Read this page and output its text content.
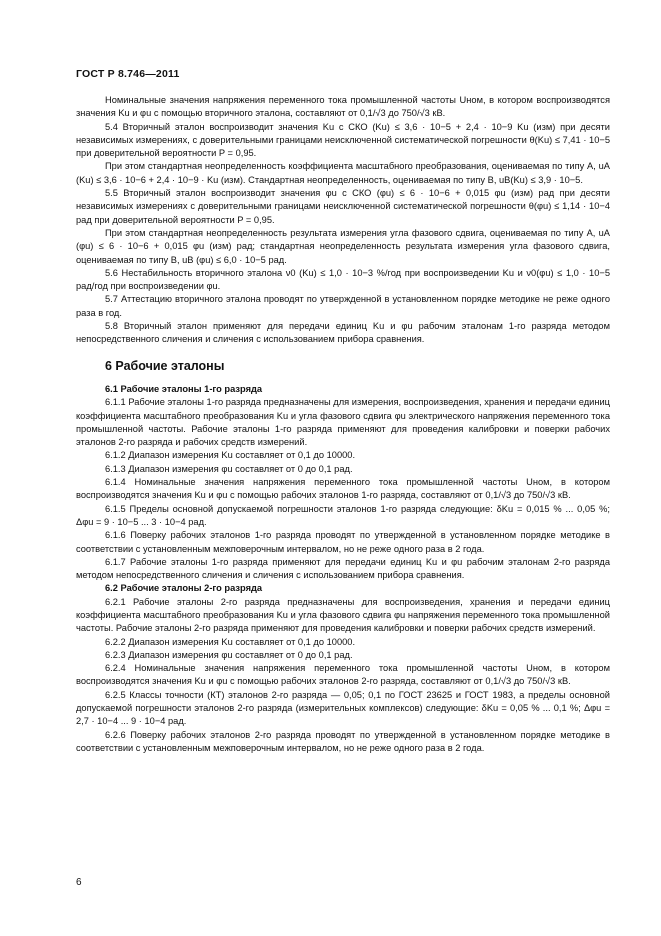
ГОСТ Р 8.746—2011

Номинальные значения напряжения переменного тока промышленной частоты Uном, в котором воспроизводятся значения Ku и φu с помощью вторичного эталона, составляют от 0,1/√3 до 750/√3 кВ.

5.4 Вторичный эталон воспроизводит значения Ku с СКО (Ku) ≤ 3,6 · 10−5 + 2,4 · 10−9 Ku (изм) при десяти независимых измерениях, с доверительными границами неисключенной систематической погрешности θ(Ku) ≤ 7,41 · 10−5 при доверительной вероятности P = 0,95.

При этом стандартная неопределенность коэффициента масштабного преобразования, оцениваемая по типу А, uA (Ku) ≤ 3,6 · 10−6 + 2,4 · 10−9 · Ku (изм). Стандартная неопределенность, оцениваемая по типу В, uB(Ku) ≤ 3,9 · 10−5.

5.5 Вторичный эталон воспроизводит значения φu с СКО (φu) ≤ 6 · 10−6 + 0,015 φu (изм) рад при десяти независимых измерениях с доверительными границами неисключенной систематической погрешности θ(φu) ≤ 1,14 · 10−4 рад при доверительной вероятности P = 0,95.

При этом стандартная неопределенность результата измерения угла фазового сдвига, оцениваемая по типу А, uA (φu) ≤ 6 · 10−6 + 0,015 φu (изм) рад; стандартная неопределенность результата измерения угла фазового сдвига, оцениваемая по типу В, uB (φu) ≤ 6,0 · 10−5 рад.

5.6 Нестабильность вторичного эталона ν0 (Ku) ≤ 1,0 · 10−3 %/год при воспроизведении Ku и ν0(φu) ≤ 1,0 · 10−5 рад/год при воспроизведении φu.

5.7 Аттестацию вторичного эталона проводят по утвержденной в установленном порядке методике не реже одного раза в год.

5.8 Вторичный эталон применяют для передачи единиц Ku и φu рабочим эталонам 1-го разряда методом непосредственного сличения и сличения с использованием прибора сравнения.

6 Рабочие эталоны

6.1 Рабочие эталоны 1-го разряда

6.1.1 Рабочие эталоны 1-го разряда предназначены для измерения, воспроизведения, хранения и передачи единиц коэффициента масштабного преобразования Ku и угла фазового сдвига φu электрического напряжения переменного тока промышленной частоты. Рабочие эталоны 1-го разряда применяют для проведения калибровки и поверки рабочих эталонов 2-го разряда и рабочих средств измерений.

6.1.2 Диапазон измерения Ku составляет от 0,1 до 10000.

6.1.3 Диапазон измерения φu составляет от 0 до 0,1 рад.

6.1.4 Номинальные значения напряжения переменного тока промышленной частоты Uном, в котором воспроизводятся значения Ku и φu с помощью рабочих эталонов 1-го разряда, составляют от 0,1/√3 до 750/√3 кВ.

6.1.5 Пределы основной допускаемой погрешности эталонов 1-го разряда следующие: δKu = 0,015 % ... 0,05 %; Δφu = 9 · 10−5 ... 3 · 10−4 рад.

6.1.6 Поверку рабочих эталонов 1-го разряда проводят по утвержденной в установленном порядке методике в соответствии с установленным межповерочным интервалом, но не реже одного раза в 2 года.

6.1.7 Рабочие эталоны 1-го разряда применяют для передачи единиц Ku и φu рабочим эталонам 2-го разряда методом непосредственного сличения и сличения с использованием прибора сравнения.

6.2 Рабочие эталоны 2-го разряда

6.2.1 Рабочие эталоны 2-го разряда предназначены для воспроизведения, хранения и передачи единиц коэффициента масштабного преобразования Ku и угла фазового сдвига φu напряжения переменного тока промышленной частоты. Рабочие эталоны 2-го разряда применяют для проведения калибровки и поверки рабочих средств измерений.

6.2.2 Диапазон измерения Ku составляет от 0,1 до 10000.

6.2.3 Диапазон измерения φu составляет от 0 до 0,1 рад.

6.2.4 Номинальные значения напряжения переменного тока промышленной частоты Uном, в котором воспроизводятся значения Ku и φu с помощью рабочих эталонов 2-го разряда, составляют от 0,1/√3 до 750/√3 кВ.

6.2.5 Классы точности (КТ) эталонов 2-го разряда — 0,05; 0,1 по ГОСТ 23625 и ГОСТ 1983, а пределы основной допускаемой погрешности эталонов 2-го разряда (измерительных комплексов) следующие: δKu = 0,05 % ... 0,1 %; Δφu = 2,7 · 10−4 ... 9 · 10−4 рад.

6.2.6 Поверку рабочих эталонов 2-го разряда проводят по утвержденной в установленном порядке методике в соответствии с установленным межповерочным интервалом, но не реже одного раза в 2 года.

6
